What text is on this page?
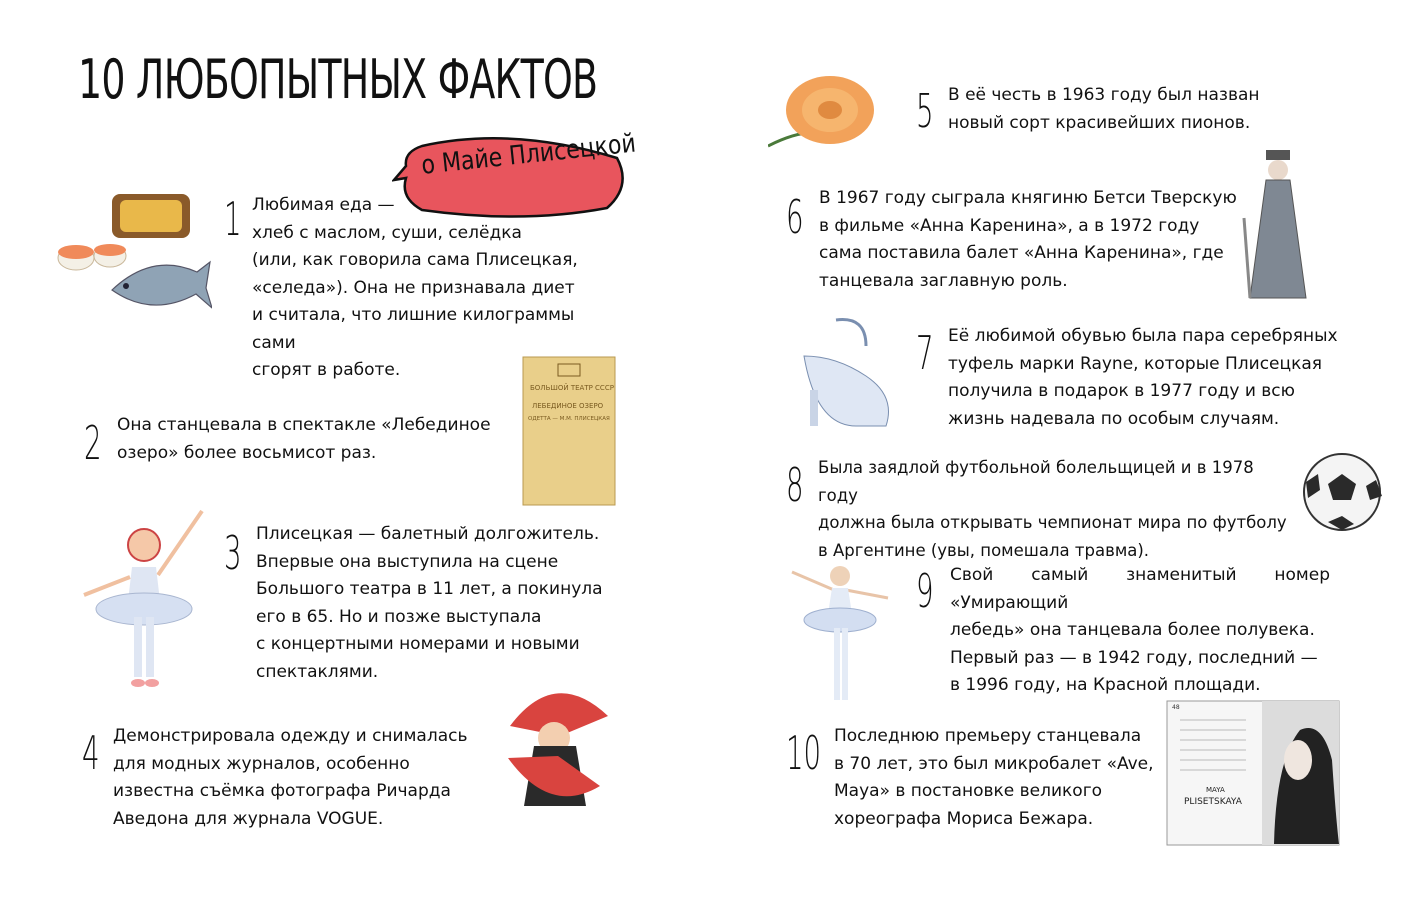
10 ЛЮБОПЫТНЫХ ФАКТОВ
о Майе Плисецкой
1 Любимая еда —
хлеб с маслом, суши, селёдка
(или, как говорила сама Плисецкая,
«селеда»). Она не признавала диет
и считала, что лишние килограммы сами
сгорят в работе.
2 Она станцевала в спектакле «Лебединое
озеро» более восьмисот раз.
3 Плисецкая — балетный долгожитель.
Впервые она выступила на сцене
Большого театра в 11 лет, а покинула
его в 65. Но и позже выступала
с концертными номерами и новыми
спектаклями.
4 Демонстрировала одежду и снималась
для модных журналов, особенно
известна съёмка фотографа Ричарда
Аведона для журнала VOGUE.
5 В её честь в 1963 году был назван
новый сорт красивейших пионов.
6 В 1967 году сыграла княгиню Бетси Тверскую
в фильме «Анна Каренина», а в 1972 году
сама поставила балет «Анна Каренина», где
танцевала заглавную роль.
7 Её любимой обувью была пара серебряных
туфель марки Rayne, которые Плисецкая
получила в подарок в 1977 году и всю
жизнь надевала по особым случаям.
8 Была заядлой футбольной болельщицей и в 1978 году
должна была открывать чемпионат мира по футболу
в Аргентине (увы, помешала травма).
9 Свой самый знаменитый номер «Умирающий
лебедь» она танцевала более полувека.
Первый раз — в 1942 году, последний —
в 1996 году, на Красной площади.
10 Последнюю премьеру станцевала
в 70 лет, это был микробалет «Ave,
Maya» в постановке великого
хореографа Мориса Бежара.
БОЛЬШОЙ ТЕАТР СССР
ЛЕБЕДИНОЕ ОЗЕРО
ОДЕТТА — М.М. ПЛИСЕЦКАЯ
48
MAYA
PLISETSKAYA
